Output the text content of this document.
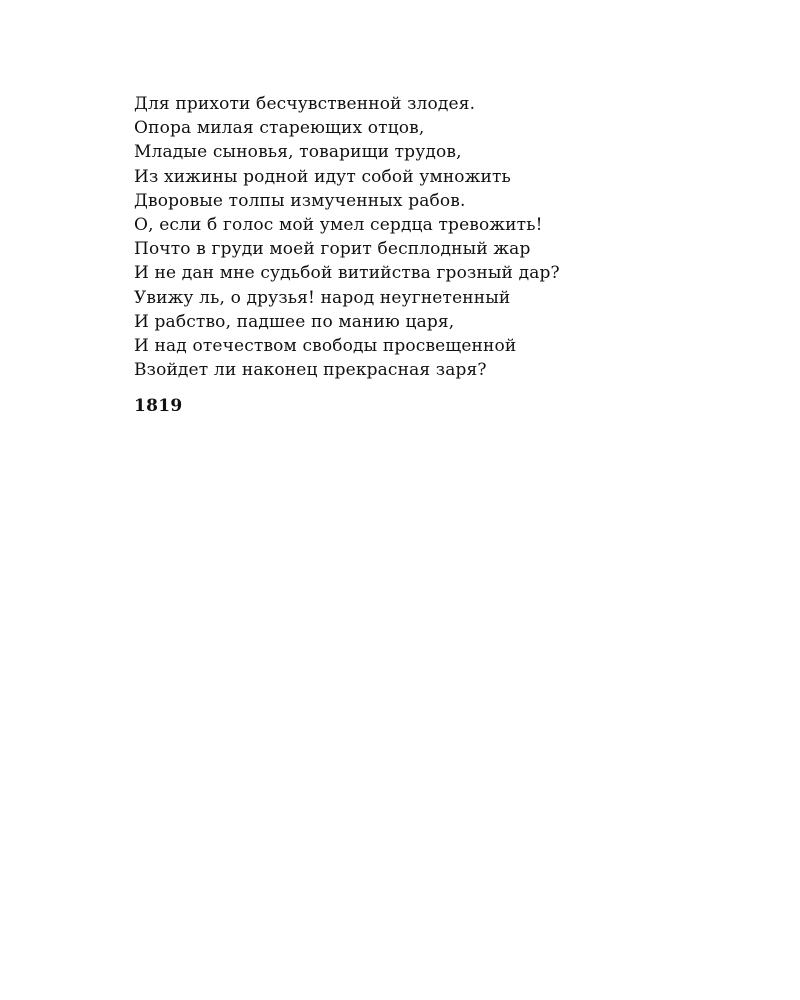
Для прихоти бесчувственной злодея.
Опора милая стареющих отцов,
Младые сыновья, товарищи трудов,
Из хижины родной идут собой умножить
Дворовые толпы измученных рабов.
О, если б голос мой умел сердца тревожить!
Почто в груди моей горит бесплодный жар
И не дан мне судьбой витийства грозный дар?
Увижу ль, о друзья! народ неугнетенный
И рабство, падшее по манию царя,
И над отечеством свободы просвещенной
Взойдет ли наконец прекрасная заря?
1819
